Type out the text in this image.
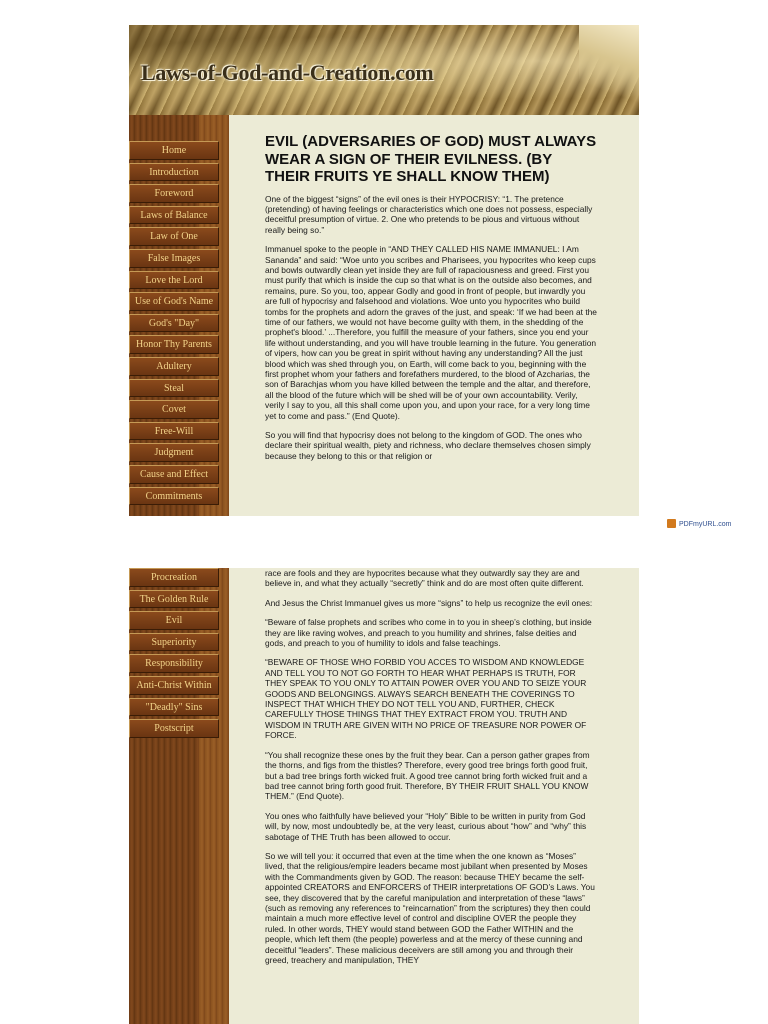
Laws-of-God-and-Creation.com
Home
Introduction
Foreword
Laws of Balance
Law of One
False Images
Love the Lord
Use of God's Name
God's "Day"
Honor Thy Parents
Adultery
Steal
Covet
Free-Will
Judgment
Cause and Effect
Commitments
EVIL (ADVERSARIES OF GOD) MUST ALWAYS WEAR A SIGN OF THEIR EVILNESS. (BY THEIR FRUITS YE SHALL KNOW THEM)

One of the biggest “signs” of the evil ones is their HYPOCRISY: “1. The pretence (pretending) of having feelings or characteristics which one does not possess, especially deceitful presumption of virtue. 2. One who pretends to be pious and virtuous without really being so.”

Immanuel spoke to the people in “AND THEY CALLED HIS NAME IMMANUEL: I Am Sananda” and said: “Woe unto you scribes and Pharisees, you hypocrites who keep cups and bowls outwardly clean yet inside they are full of rapaciousness and greed. First you must purify that which is inside the cup so that what is on the outside also becomes, and remains, pure. So you, too, appear Godly and good in front of people, but inwardly you are full of hypocrisy and falsehood and violations. Woe unto you hypocrites who build tombs for the prophets and adorn the graves of the just, and speak: ‘If we had been at the time of our fathers, we would not have become guilty with them, in the shedding of the prophet's blood.’ ...Therefore, you fulfill the measure of your fathers, since you end your life without understanding, and you will have trouble learning in the future. You generation of vipers, how can you be great in spirit without having any understanding? All the just blood which was shed through you, on Earth, will come back to you, beginning with the first prophet whom your fathers and forefathers murdered, to the blood of Azcharias, the son of Barachjas whom you have killed between the temple and the altar, and therefore, all the blood of the future which will be shed will be of your own accountability. Verily, verily I say to you, all this shall come upon you, and upon your race, for a very long time yet to come and pass.” (End Quote).

So you will find that hypocrisy does not belong to the kingdom of GOD. The ones who declare their spiritual wealth, piety and richness, who declare themselves chosen simply because they belong to this or that religion or

PDFmyURL.com
Procreation
The Golden Rule
Evil
Superiority
Responsibility
Anti-Christ Within
"Deadly" Sins
Postscript

race are fools and they are hypocrites because what they outwardly say they are and believe in, and what they actually “secretly” think and do are most often quite different.

And Jesus the Christ Immanuel gives us more “signs” to help us recognize the evil ones:

“Beware of false prophets and scribes who come in to you in sheep’s clothing, but inside they are like raving wolves, and preach to you humility and shrines, false deities and gods, and preach to you of humility to idols and false teachings.

“BEWARE OF THOSE WHO FORBID YOU ACCES TO WISDOM AND KNOWLEDGE AND TELL YOU TO NOT GO FORTH TO HEAR WHAT PERHAPS IS TRUTH, FOR THEY SPEAK TO YOU ONLY TO ATTAIN POWER OVER YOU AND TO SEIZE YOUR GOODS AND BELONGINGS. ALWAYS SEARCH BENEATH THE COVERINGS TO INSPECT THAT WHICH THEY DO NOT TELL YOU AND, FURTHER, CHECK CAREFULLY THOSE THINGS THAT THEY EXTRACT FROM YOU. TRUTH AND WISDOM IN TRUTH ARE GIVEN WITH NO PRICE OF TREASURE NOR POWER OF FORCE.

“You shall recognize these ones by the fruit they bear. Can a person gather grapes from the thorns, and figs from the thistles? Therefore, every good tree brings forth good fruit, but a bad tree brings forth wicked fruit. A good tree cannot bring forth wicked fruit and a bad tree cannot bring forth good fruit. Therefore, BY THEIR FRUIT SHALL YOU KNOW THEM.” (End Quote).

You ones who faithfully have believed your “Holy” Bible to be written in purity from God will, by now, most undoubtedly be, at the very least, curious about “how” and “why” this sabotage of THE Truth has been allowed to occur.

So we will tell you: it occurred that even at the time when the one known as “Moses” lived, that the religious/empire leaders became most jubilant when presented by Moses with the Commandments given by GOD. The reason: because THEY became the self-appointed CREATORS and ENFORCERS of THEIR interpretations OF GOD’s Laws. You see, they discovered that by the careful manipulation and interpretation of these “laws” (such as removing any references to “reincarnation” from the scriptures) they then could maintain a much more effective level of control and discipline OVER the people they ruled. In other words, THEY would stand between GOD the Father WITHIN and the people, which left them (the people) powerless and at the mercy of these cunning and deceitful “leaders”. These malicious deceivers are still among you and through their greed, treachery and manipulation, THEY
